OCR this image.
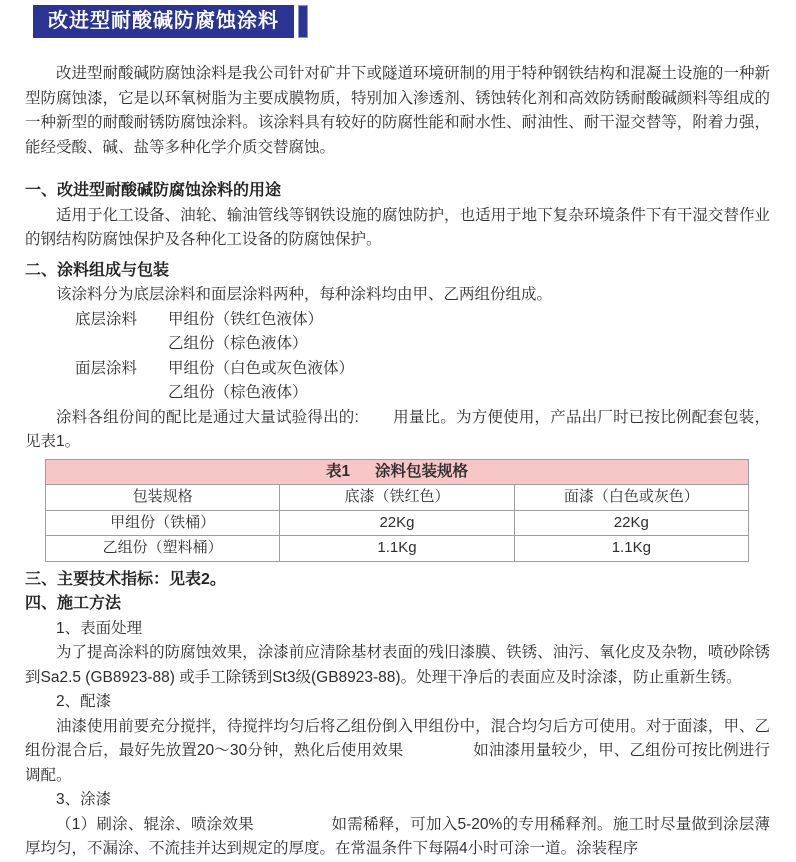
改进型耐酸碱防腐蚀涂料

改进型耐酸碱防腐蚀涂料是我公司针对矿井下或隧道环境研制的用于特种钢铁结构和混凝土设施的一种新型防腐蚀漆，它是以环氧树脂为主要成膜物质，特别加入渗透剂、锈蚀转化剂和高效防锈耐酸碱颜料等组成的一种新型的耐酸耐锈防腐蚀涂料。该涂料具有较好的防腐性能和耐水性、耐油性、耐干湿交替等，附着力强，能经受酸、碱、盐等多种化学介质交替腐蚀。

一、改进型耐酸碱防腐蚀涂料的用途

适用于化工设备、油轮、输油管线等钢铁设施的腐蚀防护，也适用于地下复杂环境条件下有干湿交替作业的钢结构防腐蚀保护及各种化工设备的防腐蚀保护。

二、涂料组成与包装

该涂料分为底层涂料和面层涂料两种，每种涂料均由甲、乙两组份组成。

底层涂料	甲组份（铁红色液体）
乙组份（棕色液体）
面层涂料	甲组份（白色或灰色液体）
乙组份（棕色液体）

涂料各组份间的配比是通过大量试验得出的: 用量比。为方便使用，产品出厂时已按比例配套包装，见表1。

表1 涂料包装规格		
包装规格	底漆（铁红色）	面漆（白色或灰色）
甲组份（铁桶）	22Kg	22Kg
乙组份（塑料桶）	1.1Kg	1.1Kg
三、主要技术指标：见表2。
四、施工方法

1、表面处理

为了提高涂料的防腐蚀效果，涂漆前应清除基材表面的残旧漆膜、铁锈、油污、氧化皮及杂物，喷砂除锈到Sa2.5 (GB8923-88) 或手工除锈到St3级(GB8923-88)。处理干净后的表面应及时涂漆，防止重新生锈。

2、配漆

油漆使用前要充分搅拌，待搅拌均匀后将乙组份倒入甲组份中，混合均匀后方可使用。对于面漆，甲、乙组份混合后，最好先放置20～30分钟，熟化后使用效果	如油漆用量较少，甲、乙组份可按比例进行调配。

3、涂漆

（1）刷涂、辊涂、喷涂效果	如需稀释，可加入5-20%的专用稀释剂。施工时尽量做到涂层薄厚均匀，不漏涂、不流挂并达到规定的厚度。在常温条件下每隔4小时可涂一道。涂装程序
